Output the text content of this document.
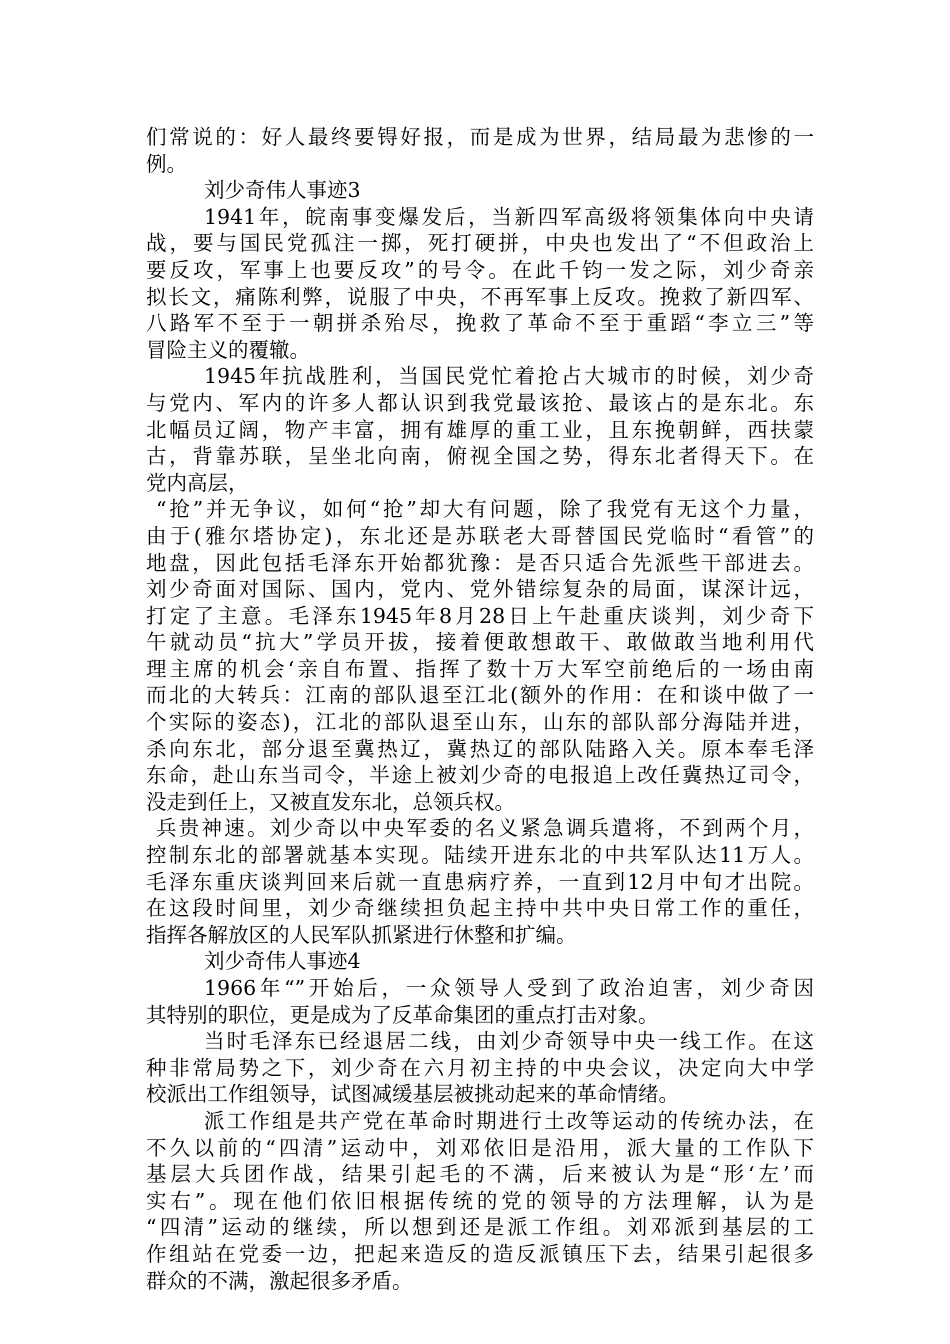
们常说的：好人最终要锝好报，而是成为世界，结局最为悲惨的一
例。
刘少奇伟人事迹3
1941年，皖南事变爆发后，当新四军高级将领集体向中央请
战，要与国民党孤注一掷，死打硬拼，中央也发出了“不但政治上
要反攻，军事上也要反攻”的号令。在此千钧一发之际，刘少奇亲
拟长文，痛陈利弊，说服了中央，不再军事上反攻。挽救了新四军、
八路军不至于一朝拼杀殆尽，挽救了革命不至于重蹈“李立三”等
冒险主义的覆辙。
1945年抗战胜利，当国民党忙着抢占大城市的时候，刘少奇
与党内、军内的许多人都认识到我党最该抢、最该占的是东北。东
北幅员辽阔，物产丰富，拥有雄厚的重工业，且东挽朝鲜，西扶蒙
古，背靠苏联，呈坐北向南，俯视全国之势，得东北者得天下。在
党内高层，
“抢”并无争议，如何“抢”却大有问题，除了我党有无这个力量，
由于(雅尔塔协定)，东北还是苏联老大哥替国民党临时“看管”的
地盘，因此包括毛泽东开始都犹豫：是否只适合先派些干部进去。
刘少奇面对国际、国内，党内、党外错综复杂的局面，谋深计远，
打定了主意。毛泽东1945年8月28日上午赴重庆谈判，刘少奇下
午就动员“抗大”学员开拔，接着便敢想敢干、敢做敢当地利用代
理主席的机会‘亲自布置、指挥了数十万大军空前绝后的一场由南
而北的大转兵：江南的部队退至江北(额外的作用：在和谈中做了一
个实际的姿态)，江北的部队退至山东，山东的部队部分海陆并进，
杀向东北，部分退至冀热辽，冀热辽的部队陆路入关。原本奉毛泽
东命，赴山东当司令，半途上被刘少奇的电报追上改任冀热辽司令，
没走到任上，又被直发东北，总领兵权。
兵贵神速。刘少奇以中央军委的名义紧急调兵遣将，不到两个月，
控制东北的部署就基本实现。陆续开进东北的中共军队达11万人。
毛泽东重庆谈判回来后就一直患病疗养，一直到12月中旬才出院。
在这段时间里，刘少奇继续担负起主持中共中央日常工作的重任，
指挥各解放区的人民军队抓紧进行休整和扩编。
刘少奇伟人事迹4
1966年“”开始后，一众领导人受到了政治迫害，刘少奇因
其特别的职位，更是成为了反革命集团的重点打击对象。
当时毛泽东已经退居二线，由刘少奇领导中央一线工作。在这
种非常局势之下，刘少奇在六月初主持的中央会议，决定向大中学
校派出工作组领导，试图减缓基层被挑动起来的革命情绪。
派工作组是共产党在革命时期进行土改等运动的传统办法，在
不久以前的“四清”运动中，刘邓依旧是沿用，派大量的工作队下
基层大兵团作战，结果引起毛的不满，后来被认为是“形‘左’而
实右”。现在他们依旧根据传统的党的领导的方法理解，认为是
“四清”运动的继续，所以想到还是派工作组。刘邓派到基层的工
作组站在党委一边，把起来造反的造反派镇压下去，结果引起很多
群众的不满，激起很多矛盾。
